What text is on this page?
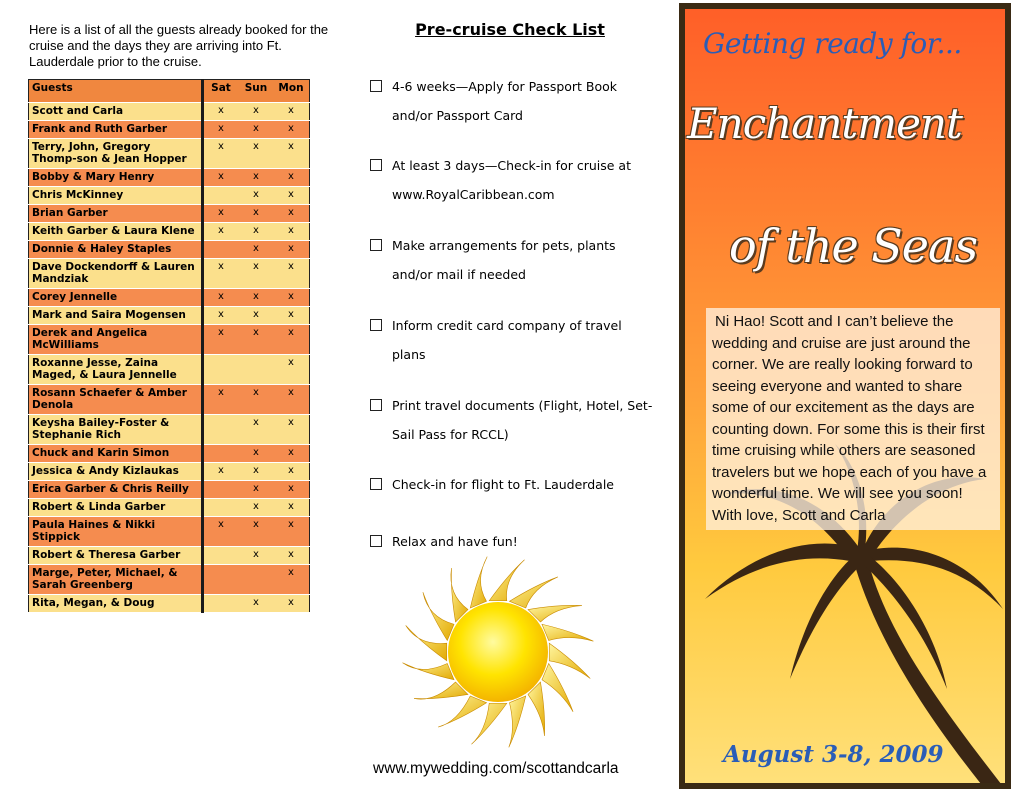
Here is a list of all the guests already booked for the cruise and the days they are arriving into Ft. Lauderdale prior to the cruise.
Guests	Sat	Sun	Mon
Scott and Carla	x	x	x
Frank and Ruth Garber	x	x	x
Terry, John, Gregory Thomp-son & Jean Hopper	x	x	x
Bobby & Mary Henry	x	x	x
Chris McKinney		x	x
Brian Garber	x	x	x
Keith Garber & Laura Klene	x	x	x
Donnie & Haley Staples		x	x
Dave Dockendorff & Lauren Mandziak	x	x	x
Corey Jennelle	x	x	x
Mark and Saira Mogensen	x	x	x
Derek and Angelica McWilliams	x	x	x
Roxanne Jesse, Zaina Maged, & Laura Jennelle			x
Rosann Schaefer & Amber Denola	x	x	x
Keysha Bailey-Foster & Stephanie Rich		x	x
Chuck and Karin Simon		x	x
Jessica & Andy Kizlaukas	x	x	x
Erica Garber & Chris Reilly		x	x
Robert & Linda Garber		x	x
Paula Haines & Nikki Stippick	x	x	x
Robert & Theresa Garber		x	x
Marge, Peter, Michael, & Sarah Greenberg			x
Rita, Megan, & Doug		x	x
Pre-cruise Check List
4-6 weeks—Apply for Passport Book and/or Passport Card
At least 3 days—Check-in for cruise at www.RoyalCaribbean.com
Make arrangements for pets, plants and/or mail if needed
Inform credit card company of travel plans
Print travel documents (Flight, Hotel, Set-Sail Pass for RCCL)
Check-in for flight to Ft. Lauderdale
Relax and have fun!
www.mywedding.com/scottandcarla
Getting ready for...
Enchantment
of the Seas
Ni Hao! Scott and I can’t believe the wedding and cruise are just around the corner. We are really looking forward to seeing everyone and wanted to share some of our excitement as the days are counting down. For some this is their first time cruising while others are seasoned travelers but we hope each of you have a wonderful time. We will see you soon!
With love, Scott and Carla
August 3-8, 2009
